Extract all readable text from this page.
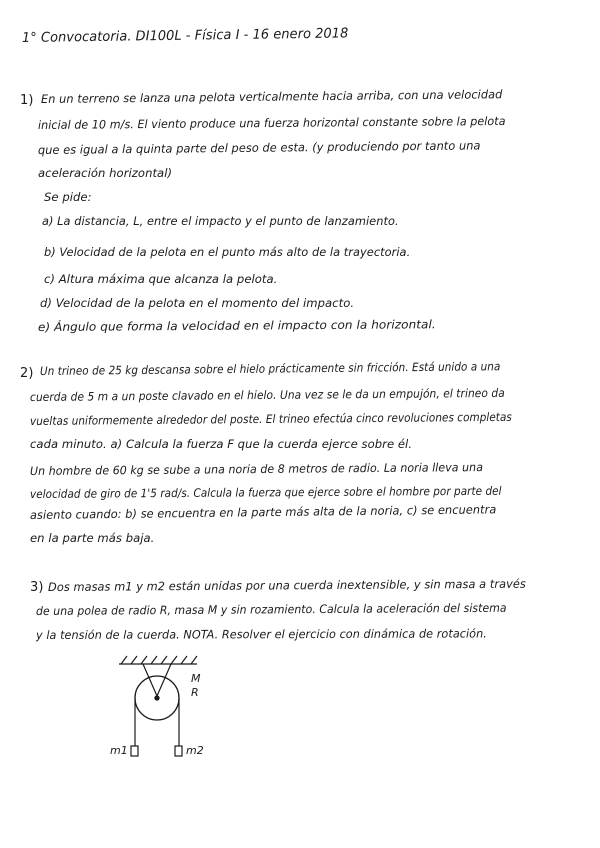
1° Convocatoria. DI100L - Física I - 16 enero 2018
1) En un terreno se lanza una pelota verticalmente hacia arriba, con una velocidad
inicial de 10 m/s. El viento produce una fuerza horizontal constante sobre la pelota
que es igual a la quinta parte del peso de esta. (y produciendo por tanto una
aceleración horizontal)
Se pide:
a) La distancia, L, entre el impacto y el punto de lanzamiento.
b) Velocidad de la pelota en el punto más alto de la trayectoria.
c) Altura máxima que alcanza la pelota.
d) Velocidad de la pelota en el momento del impacto.
e) Ángulo que forma la velocidad en el impacto con la horizontal.
2) Un trineo de 25 kg descansa sobre el hielo prácticamente sin fricción. Está unido a una
cuerda de 5 m a un poste clavado en el hielo. Una vez se le da un empujón, el trineo da
vueltas uniformemente alrededor del poste. El trineo efectúa cinco revoluciones completas
cada minuto. a) Calcula la fuerza F que la cuerda ejerce sobre él.
Un hombre de 60 kg se sube a una noria de 8 metros de radio. La noria lleva una
velocidad de giro de 1'5 rad/s. Calcula la fuerza que ejerce sobre el hombre por parte del
asiento cuando: b) se encuentra en la parte más alta de la noria, c) se encuentra
en la parte más baja.
3) Dos masas m1 y m2 están unidas por una cuerda inextensible, y sin masa a través
de una polea de radio R, masa M y sin rozamiento. Calcula la aceleración del sistema
y la tensión de la cuerda. NOTA. Resolver el ejercicio con dinámica de rotación.
M
R
m1	m2
